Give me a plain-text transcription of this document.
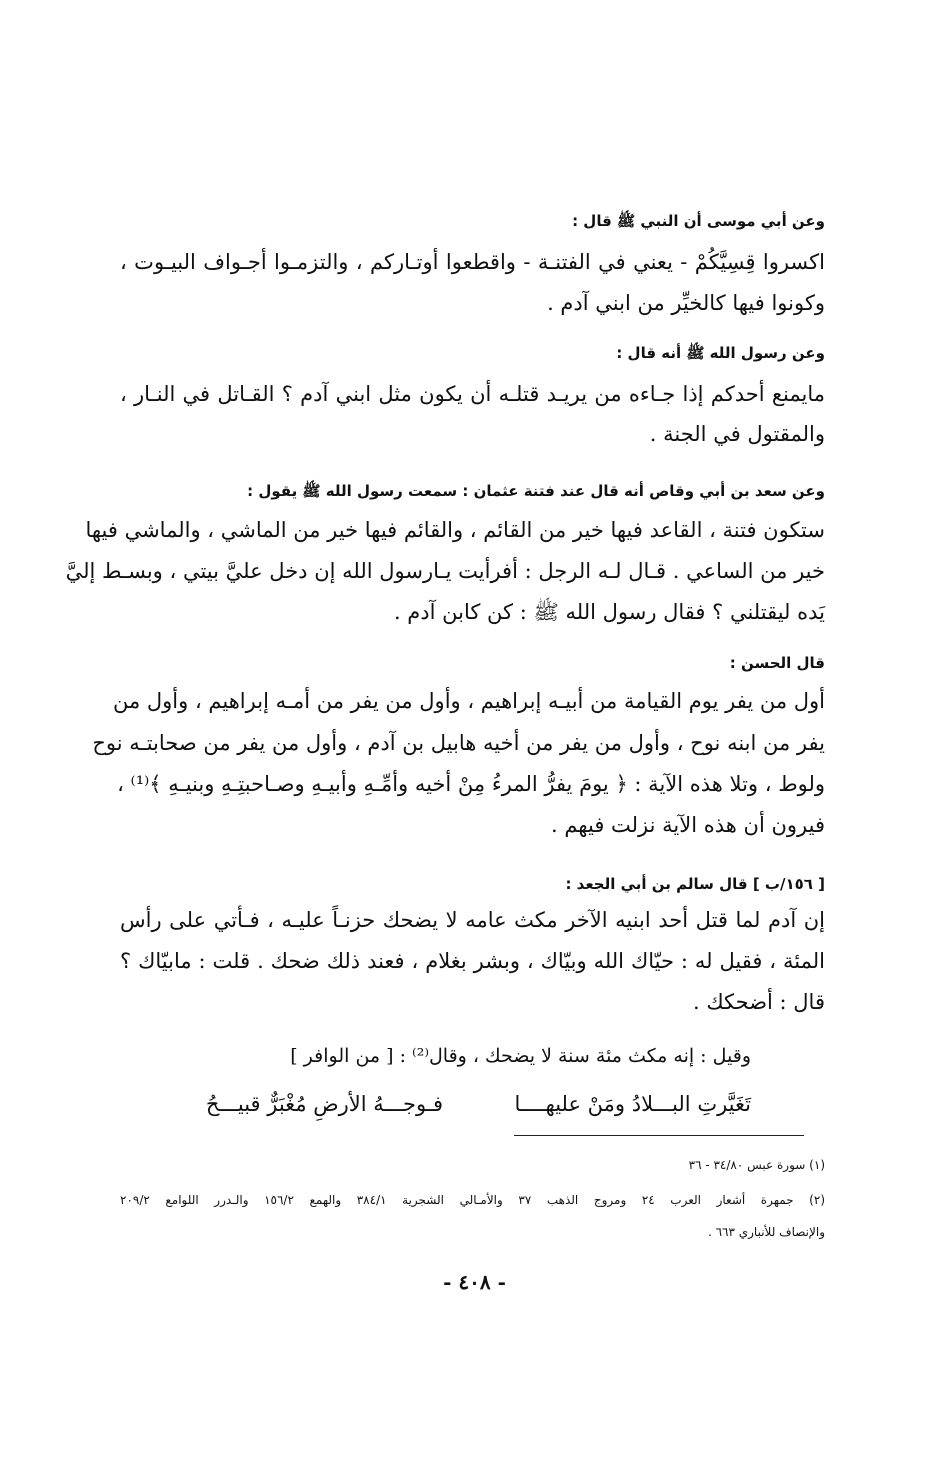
وعن أبي موسى أن النبي ﷺ قال :
اكسروا قِسِيَّكُمْ - يعني في الفتنـة - واقطعوا أوتـاركم ، والتزمـوا أجـواف البيـوت ،
وكونوا فيها كالخيِّر من ابني آدم .
وعن رسول الله ﷺ أنه قال :
مايمنع أحدكم إذا جـاءه من يريـد قتلـه أن يكون مثل ابني آدم ؟ القـاتل في النـار ،
والمقتول في الجنة .
وعن سعد بن أبي وقاص أنه قال عند فتنة عثمان : سمعت رسول الله ﷺ يقول :
ستكون فتنة ، القاعد فيها خير من القائم ، والقائم فيها خير من الماشي ، والماشي فيها
خير من الساعي . قـال لـه الرجل : أفرأيت يـارسول الله إن دخل عليَّ بيتي ، وبسـط إليَّ
يَده ليقتلني ؟ فقال رسول الله ﷺ : كن كابن آدم .
قال الحسن :
أول من يفر يوم القيامة من أبيـه إبراهيم ، وأول من يفر من أمـه إبراهيم ، وأول من
يفر من ابنه نوح ، وأول من يفر من أخيه هابيل بن آدم ، وأول من يفر من صحابتـه نوح
ولوط ، وتلا هذه الآية : ﴿ يومَ يفرُّ المرءُ مِنْ أخيه وأمِّـهِ وأبيـهِ وصـاحبتِـهِ وبنيـهِ ﴾⁽¹⁾ ،
فيرون أن هذه الآية نزلت فيهم .
[ ١٥٦/ب ] قال سالم بن أبي الجعد :
إن آدم لما قتل أحد ابنيه الآخر مكث عامه لا يضحك حزنـاً عليـه ، فـأتي على رأس
المئة ، فقيل له : حيّاك الله وبيّاك ، وبشر بغلام ، فعند ذلك ضحك . قلت : مابيّاك ؟
قال : أضحكك .
وقيل : إنه مكث مئة سنة لا يضحك ، وقال⁽²⁾ : [ من الوافر ]
تَغَيَّرتِ البـــلادُ ومَنْ عليهــــا
فـوجـــهُ الأرضِ مُغْبَرٌّ قبيـــحُ
(١) سورة عبس ٣٤/٨٠ - ٣٦
(٢) جمهرة أشعار العرب ٢٤ ومروج الذهب ٣٧ والأمـالي الشجرية ٣٨٤/١ والهمع ١٥٦/٢ والـدرر اللوامع ٢٠٩/٢
والإنصاف للأنباري ٦٦٣ .
- ٤٠٨ -
